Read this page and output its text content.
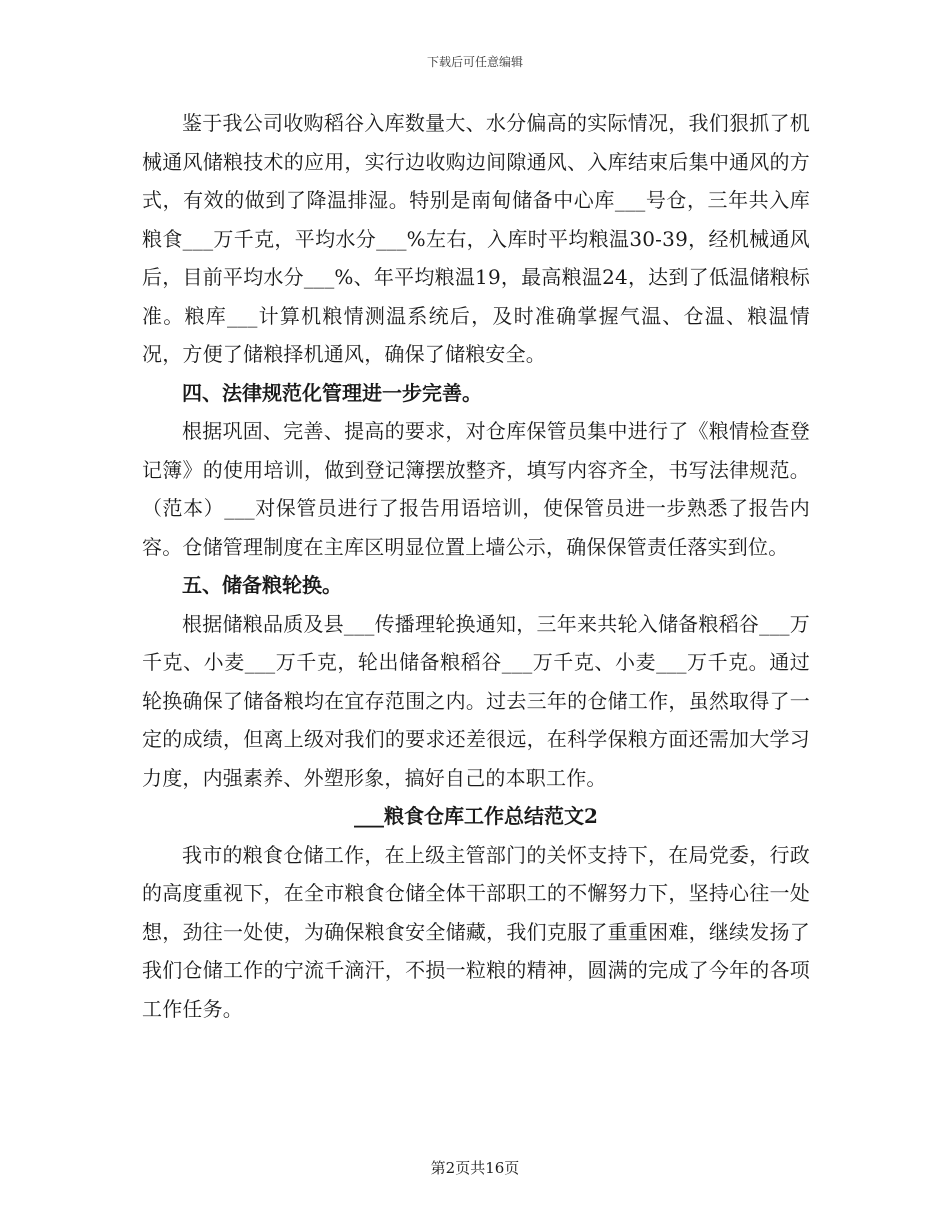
下载后可任意编辑

鉴于我公司收购稻谷入库数量大、水分偏高的实际情况，我们狠抓了机械通风储粮技术的应用，实行边收购边间隙通风、入库结束后集中通风的方式，有效的做到了降温排湿。特别是南甸储备中心库___号仓，三年共入库粮食___万千克，平均水分___%左右，入库时平均粮温30-39，经机械通风后，目前平均水分___%、年平均粮温19，最高粮温24，达到了低温储粮标准。粮库___计算机粮情测温系统后，及时准确掌握气温、仓温、粮温情况，方便了储粮择机通风，确保了储粮安全。

四、法律规范化管理进一步完善。

根据巩固、完善、提高的要求，对仓库保管员集中进行了《粮情检查登记簿》的使用培训，做到登记簿摆放整齐，填写内容齐全，书写法律规范。（范本）___对保管员进行了报告用语培训，使保管员进一步熟悉了报告内容。仓储管理制度在主库区明显位置上墙公示，确保保管责任落实到位。

五、储备粮轮换。

根据储粮品质及县___传播理轮换通知，三年来共轮入储备粮稻谷___万千克、小麦___万千克，轮出储备粮稻谷___万千克、小麦___万千克。通过轮换确保了储备粮均在宜存范围之内。过去三年的仓储工作，虽然取得了一定的成绩，但离上级对我们的要求还差很远，在科学保粮方面还需加大学习力度，内强素养、外塑形象，搞好自己的本职工作。

___粮食仓库工作总结范文2

我市的粮食仓储工作，在上级主管部门的关怀支持下，在局党委，行政的高度重视下，在全市粮食仓储全体干部职工的不懈努力下，坚持心往一处想，劲往一处使，为确保粮食安全储藏，我们克服了重重困难，继续发扬了我们仓储工作的宁流千滴汗，不损一粒粮的精神，圆满的完成了今年的各项工作任务。

第2页共16页
